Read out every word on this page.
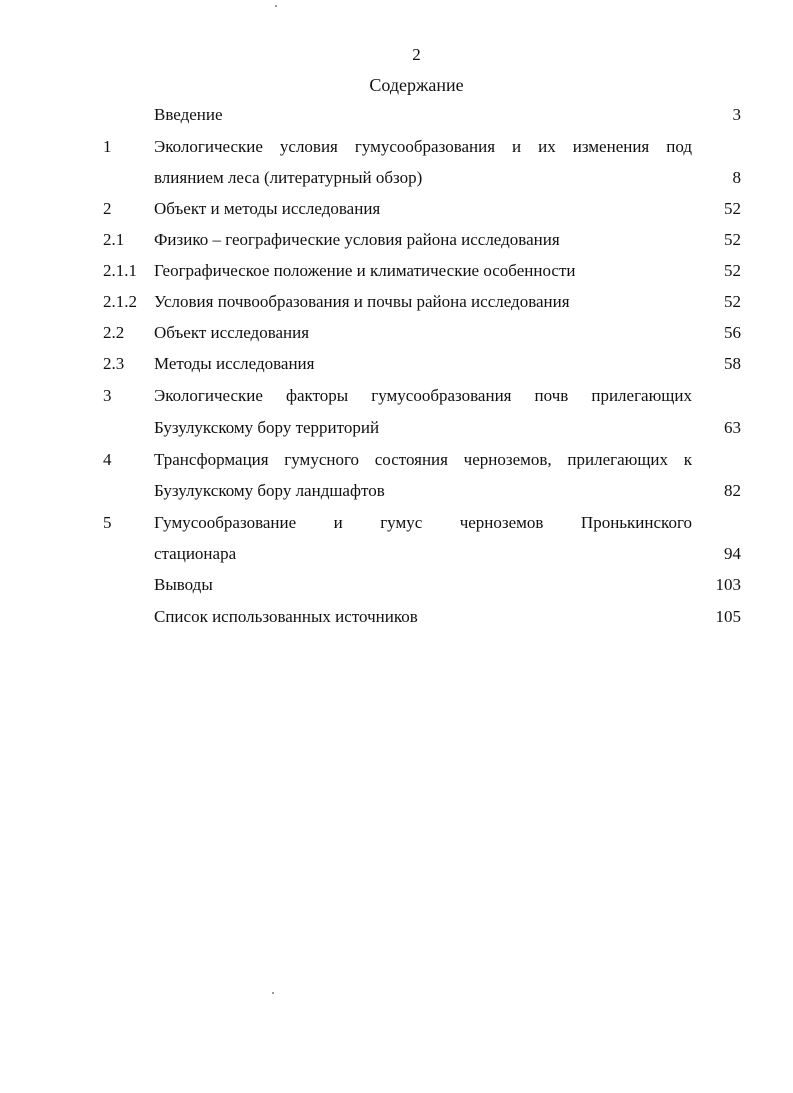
2
Содержание
Введение	3
1	Экологические условия гумусообразования и их изменения под
влиянием леса (литературный обзор)	8
2	Объект и методы исследования	52
2.1 Физико – географические условия района исследования	52
2.1.1 Географическое положение и климатические особенности	52
2.1.2 Условия почвообразования и почвы района исследования	52
2.2 Объект исследования	56
2.3 Методы исследования	58
3	Экологические факторы гумусообразования почв прилегающих
Бузулукскому бору территорий	63
4	Трансформация гумусного состояния черноземов, прилегающих к
Бузулукскому бору ландшафтов	82
5	Гумусообразование и гумус черноземов Пронькинского
стационара	94
Выводы	103
Список использованных источников	105
